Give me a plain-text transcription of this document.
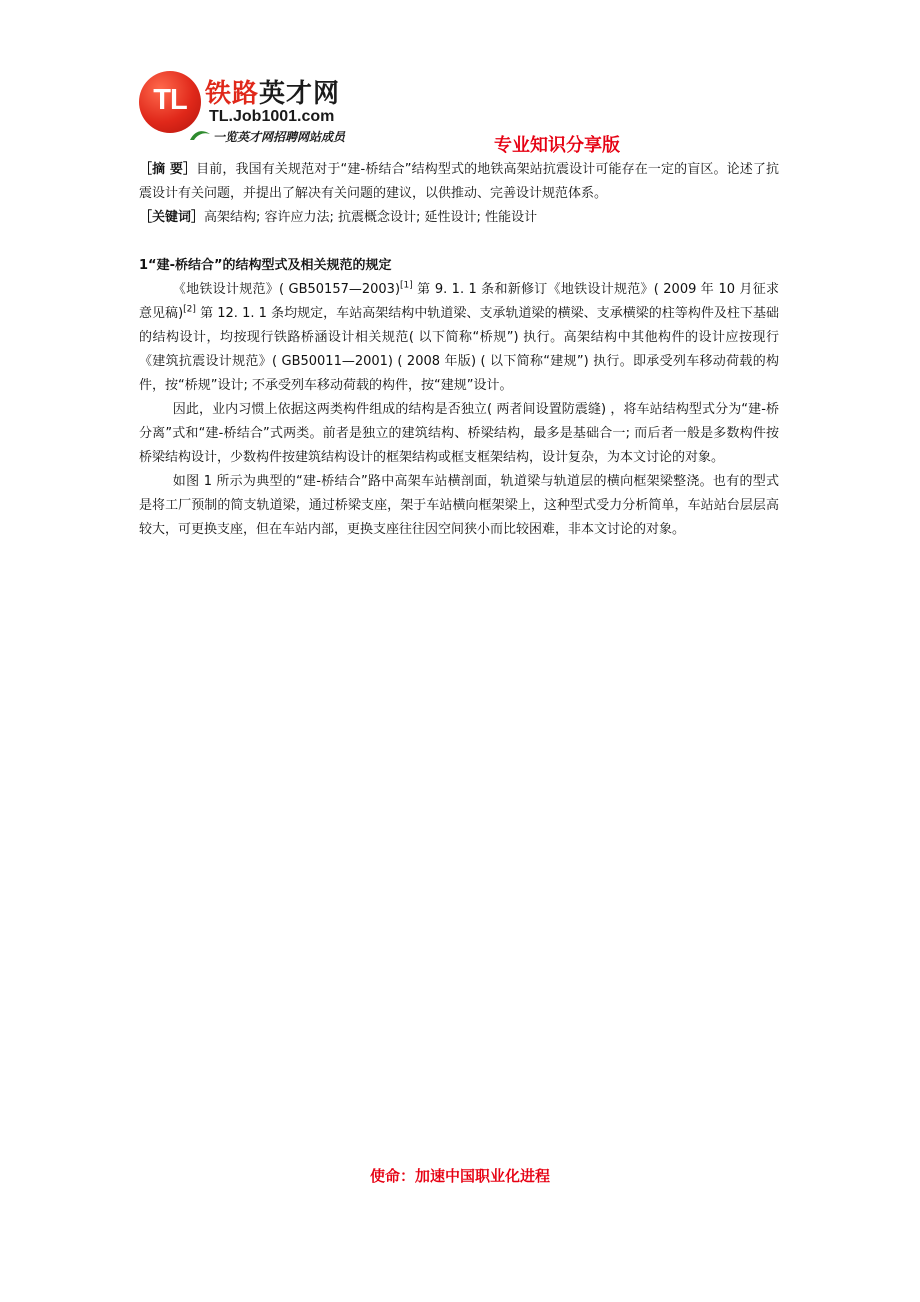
TL 铁路英才网
TL.Job1001.com
一览英才网招聘网站成员	专业知识分享版

［摘 要］目前，我国有关规范对于“建-桥结合”结构型式的地铁高架站抗震设计可能存在一定的盲区。论述了抗震设计有关问题，并提出了解决有关问题的建议，以供推动、完善设计规范体系。

［关键词］高架结构; 容许应力法; 抗震概念设计; 延性设计; 性能设计

1“建-桥结合”的结构型式及相关规范的规定

《地铁设计规范》( GB50157—2003)[1] 第 9. 1. 1 条和新修订《地铁设计规范》( 2009 年 10 月征求意见稿)[2] 第 12. 1. 1 条均规定，车站高架结构中轨道梁、支承轨道梁的横梁、支承横梁的柱等构件及柱下基础的结构设计，均按现行铁路桥涵设计相关规范( 以下简称“桥规”) 执行。高架结构中其他构件的设计应按现行《建筑抗震设计规范》( GB50011—2001) ( 2008 年版) ( 以下简称“建规”) 执行。即承受列车移动荷载的构件，按“桥规”设计; 不承受列车移动荷载的构件，按“建规”设计。

因此，业内习惯上依据这两类构件组成的结构是否独立( 两者间设置防震缝) ，将车站结构型式分为“建-桥分离”式和“建-桥结合”式两类。前者是独立的建筑结构、桥梁结构，最多是基础合一; 而后者一般是多数构件按桥梁结构设计，少数构件按建筑结构设计的框架结构或框支框架结构，设计复杂，为本文讨论的对象。

如图 1 所示为典型的“建-桥结合”路中高架车站横剖面，轨道梁与轨道层的横向框架梁整浇。也有的型式是将工厂预制的简支轨道梁，通过桥梁支座，架于车站横向框架梁上，这种型式受力分析简单，车站站台层层高较大，可更换支座，但在车站内部，更换支座往往因空间狭小而比较困难，非本文讨论的对象。

使命：加速中国职业化进程
